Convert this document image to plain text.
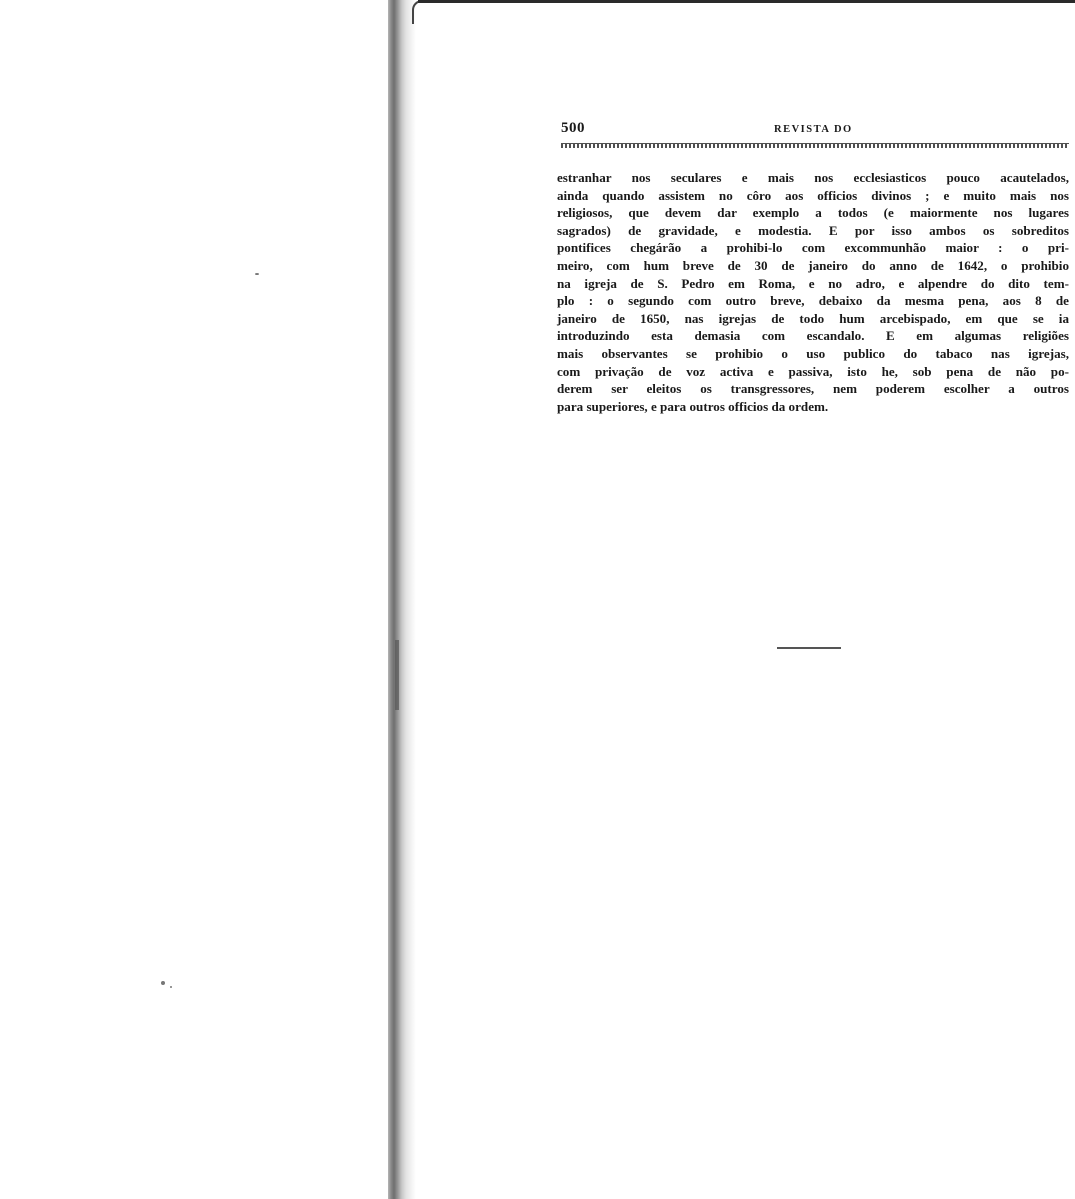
500	REVISTA DO
estranhar nos seculares e mais nos ecclesiasticos pouco acautelados,
ainda quando assistem no côro aos officios divinos ; e muito mais nos
religiosos, que devem dar exemplo a todos (e maiormente nos lugares
sagrados) de gravidade, e modestia. E por isso ambos os sobreditos
pontifices chegárão a prohibi-lo com excommunhão maior : o pri-
meiro, com hum breve de 30 de janeiro do anno de 1642, o prohibio
na igreja de S. Pedro em Roma, e no adro, e alpendre do dito tem-
plo : o segundo com outro breve, debaixo da mesma pena, aos 8 de
janeiro de 1650, nas igrejas de todo hum arcebispado, em que se ia
introduzindo esta demasia com escandalo. E em algumas religiões
mais observantes se prohibio o uso publico do tabaco nas igrejas,
com privação de voz activa e passiva, isto he, sob pena de não po-
derem ser eleitos os transgressores, nem poderem escolher a outros
para superiores, e para outros officios da ordem.
